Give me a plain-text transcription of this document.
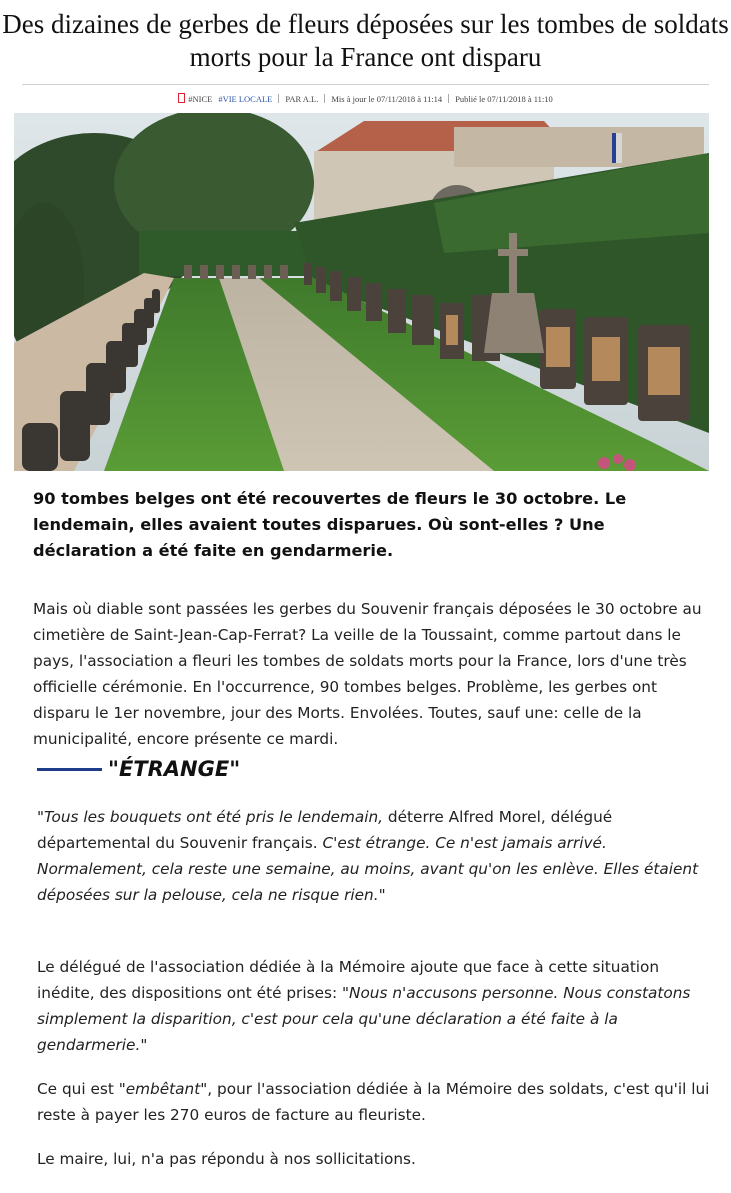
Des dizaines de gerbes de fleurs déposées sur les tombes de soldats morts pour la France ont disparu
#NICE #VIE LOCALE PAR A.L. Mis à jour le 07/11/2018 à 11:14 Publié le 07/11/2018 à 11:10

90 tombes belges ont été recouvertes de fleurs le 30 octobre. Le lendemain, elles avaient toutes disparues. Où sont-elles ? Une déclaration a été faite en gendarmerie.

Mais où diable sont passées les gerbes du Souvenir français déposées le 30 octobre au cimetière de Saint-Jean-Cap-Ferrat? La veille de la Toussaint, comme partout dans le pays, l'association a fleuri les tombes de soldats morts pour la France, lors d'une très officielle cérémonie. En l'occurrence, 90 tombes belges. Problème, les gerbes ont disparu le 1er novembre, jour des Morts. Envolées. Toutes, sauf une: celle de la municipalité, encore présente ce mardi.

"ÉTRANGE"

"Tous les bouquets ont été pris le lendemain, déterre Alfred Morel, délégué départemental du Souvenir français. C'est étrange. Ce n'est jamais arrivé. Normalement, cela reste une semaine, au moins, avant qu'on les enlève. Elles étaient déposées sur la pelouse, cela ne risque rien."

Le délégué de l'association dédiée à la Mémoire ajoute que face à cette situation inédite, des dispositions ont été prises: "Nous n'accusons personne. Nous constatons simplement la disparition, c'est pour cela qu'une déclaration a été faite à la gendarmerie."

Ce qui est "embêtant", pour l'association dédiée à la Mémoire des soldats, c'est qu'il lui reste à payer les 270 euros de facture au fleuriste.

Le maire, lui, n'a pas répondu à nos sollicitations.
